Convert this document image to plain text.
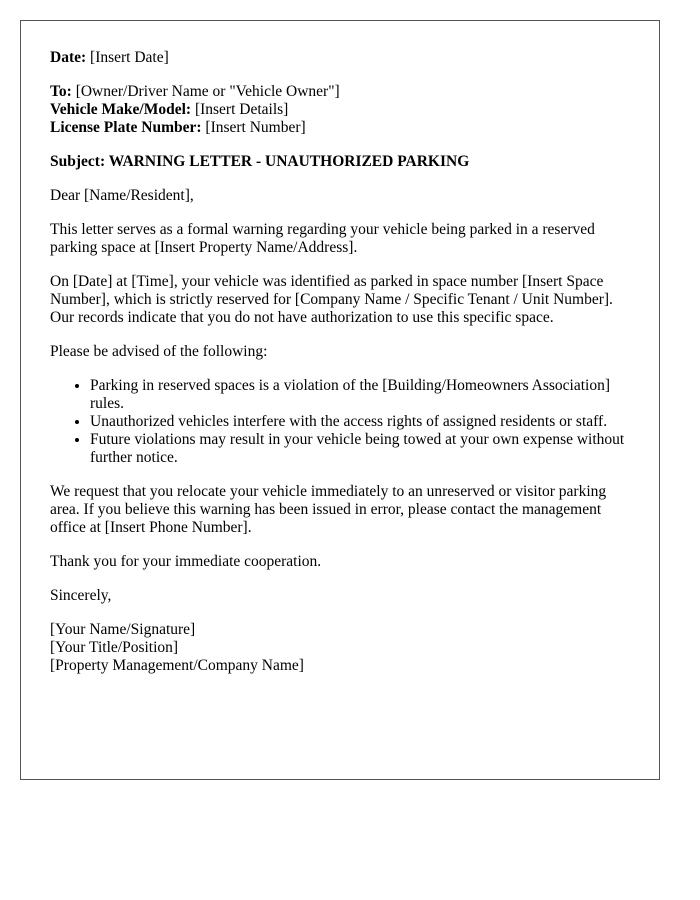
Date: [Insert Date]

To: [Owner/Driver Name or "Vehicle Owner"]
Vehicle Make/Model: [Insert Details]
License Plate Number: [Insert Number]

Subject: WARNING LETTER - UNAUTHORIZED PARKING

Dear [Name/Resident],

This letter serves as a formal warning regarding your vehicle being parked in a reserved parking space at [Insert Property Name/Address].

On [Date] at [Time], your vehicle was identified as parked in space number [Insert Space Number], which is strictly reserved for [Company Name / Specific Tenant / Unit Number]. Our records indicate that you do not have authorization to use this specific space.

Please be advised of the following:

• Parking in reserved spaces is a violation of the [Building/Homeowners Association] rules.
• Unauthorized vehicles interfere with the access rights of assigned residents or staff.
• Future violations may result in your vehicle being towed at your own expense without further notice.

We request that you relocate your vehicle immediately to an unreserved or visitor parking area. If you believe this warning has been issued in error, please contact the management office at [Insert Phone Number].

Thank you for your immediate cooperation.

Sincerely,

[Your Name/Signature]
[Your Title/Position]
[Property Management/Company Name]
